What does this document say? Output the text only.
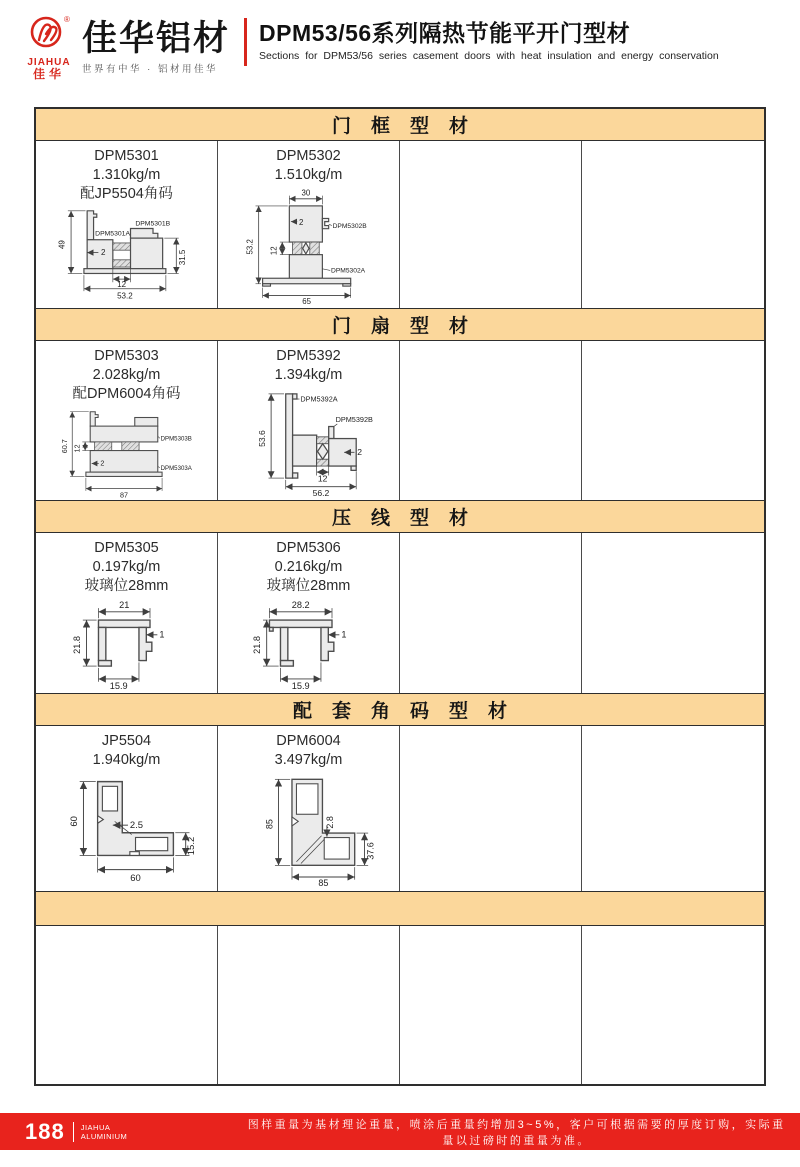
®
JIAHUA
佳华
佳华铝材
世界有中华 · 铝材用佳华
DPM53/56系列隔热节能平开门型材
Sections for DPM53/56 series casement doors with heat insulation and energy conservation
门框型材
DPM5301
1.310kg/m
配JP5504角码
49
2
12
53.2
31.5
DPM5301A
DPM5301B
DPM5302
1.510kg/m
30
2
12
53.2
65
DPM5302B
DPM5302A
门扇型材
DPM5303
2.028kg/m
配DPM6004角码
12
2
60.7
87
DPM5303B
DPM5303A
DPM5392
1.394kg/m
DPM5392A
DPM5392B
2
53.6
12
56.2
压线型材
DPM5305
0.197kg/m
玻璃位28mm
21
21.8
1
15.9
DPM5306
0.216kg/m
玻璃位28mm
28.2
21.8
1
15.9
配套角码型材
JP5504
1.940kg/m
60	2.5
15.2
60
DPM6004
3.497kg/m
85	2.8
37.6
85
188 JIAHUA
ALUMINIUM
图样重量为基材理论重量，喷涂后重量约增加3~5%，客户可根据需要的厚度订购，实际重量以过磅时的重量为准。
